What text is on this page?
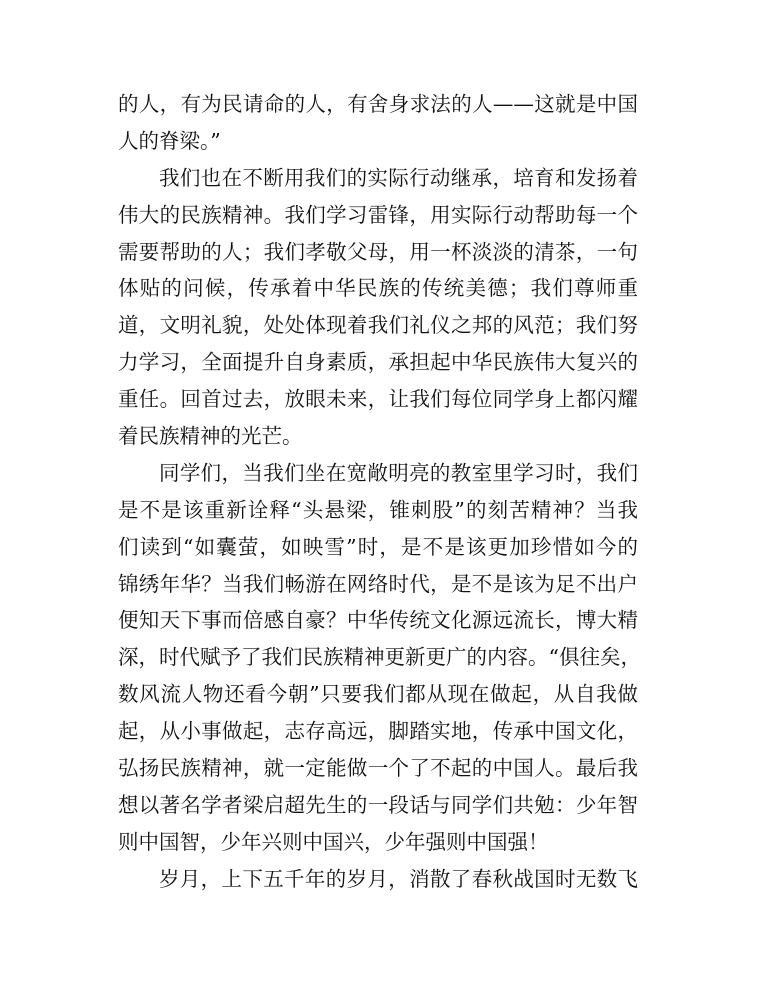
的人，有为民请命的人，有舍身求法的人——这就是中国
人的脊梁。”
我们也在不断用我们的实际行动继承，培育和发扬着
伟大的民族精神。我们学习雷锋，用实际行动帮助每一个
需要帮助的人；我们孝敬父母，用一杯淡淡的清茶，一句
体贴的问候，传承着中华民族的传统美德；我们尊师重
道，文明礼貌，处处体现着我们礼仪之邦的风范；我们努
力学习，全面提升自身素质，承担起中华民族伟大复兴的
重任。回首过去，放眼未来，让我们每位同学身上都闪耀
着民族精神的光芒。
同学们，当我们坐在宽敞明亮的教室里学习时，我们
是不是该重新诠释“头悬梁，锥刺股”的刻苦精神？当我
们读到“如囊萤，如映雪”时，是不是该更加珍惜如今的
锦绣年华？当我们畅游在网络时代，是不是该为足不出户
便知天下事而倍感自豪？中华传统文化源远流长，博大精
深，时代赋予了我们民族精神更新更广的内容。“俱往矣，
数风流人物还看今朝”只要我们都从现在做起，从自我做
起，从小事做起，志存高远，脚踏实地，传承中国文化，
弘扬民族精神，就一定能做一个了不起的中国人。最后我
想以著名学者梁启超先生的一段话与同学们共勉：少年智
则中国智，少年兴则中国兴，少年强则中国强！
岁月，上下五千年的岁月，消散了春秋战国时无数飞
